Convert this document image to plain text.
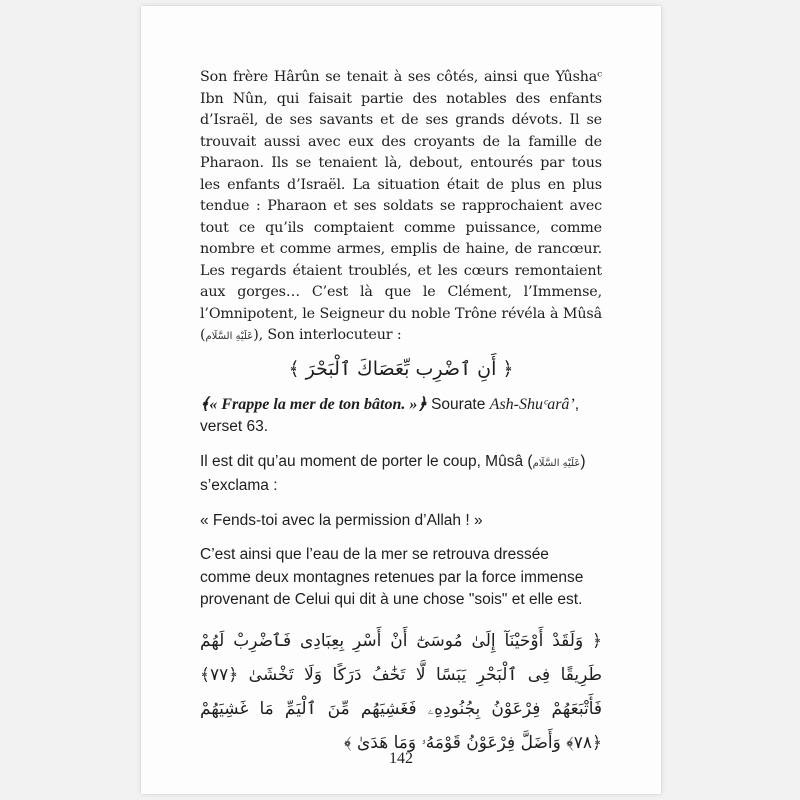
Son frère Hârûn se tenait à ses côtés, ainsi que Yûshaᶜ Ibn Nûn, qui faisait partie des notables des enfants d’Israël, de ses savants et de ses grands dévots. Il se trouvait aussi avec eux des croyants de la famille de Pharaon. Ils se tenaient là, debout, entourés par tous les enfants d’Israël. La situation était de plus en plus tendue : Pharaon et ses soldats se rapprochaient avec tout ce qu’ils comptaient comme puissance, comme nombre et comme armes, emplis de haine, de rancœur. Les regards étaient troublés, et les cœurs remontaient aux gorges… C’est là que le Clément, l’Immense, l’Omnipotent, le Seigneur du noble Trône révéla à Mûsâ (عَلَيْهِ السَّلَام), Son interlocuteur :

﴿ أَنِ ٱضْرِب بِّعَصَاكَ ٱلْبَحْرَ ﴾

﴾« Frappe la mer de ton bâton. »﴿ Sourate Ash-Shuᶜarâ’, verset 63.

Il est dit qu’au moment de porter le coup, Mûsâ (عَلَيْهِ السَّلَام)
s’exclama :

« Fends-toi avec la permission d’Allah ! »

C’est ainsi que l’eau de la mer se retrouva dressée comme deux montagnes retenues par la force immense provenant de Celui qui dit à une chose "sois" et elle est.

﴿ وَلَقَدْ أَوْحَيْنَآ إِلَىٰ مُوسَىٰٓ أَنْ أَسْرِ بِعِبَادِى فَٱضْرِبْ لَهُمْ طَرِيقًا فِى ٱلْبَحْرِ يَبَسًا لَّا تَخَٰفُ دَرَكًا وَلَا تَخْشَىٰ ﴿٧٧﴾ فَأَتْبَعَهُمْ فِرْعَوْنُ بِجُنُودِهِۦ فَغَشِيَهُم مِّنَ ٱلْيَمِّ مَا غَشِيَهُمْ ﴿٧٨﴾ وَأَضَلَّ فِرْعَوْنُ قَوْمَهُۥ وَمَا هَدَىٰ ﴾
142
